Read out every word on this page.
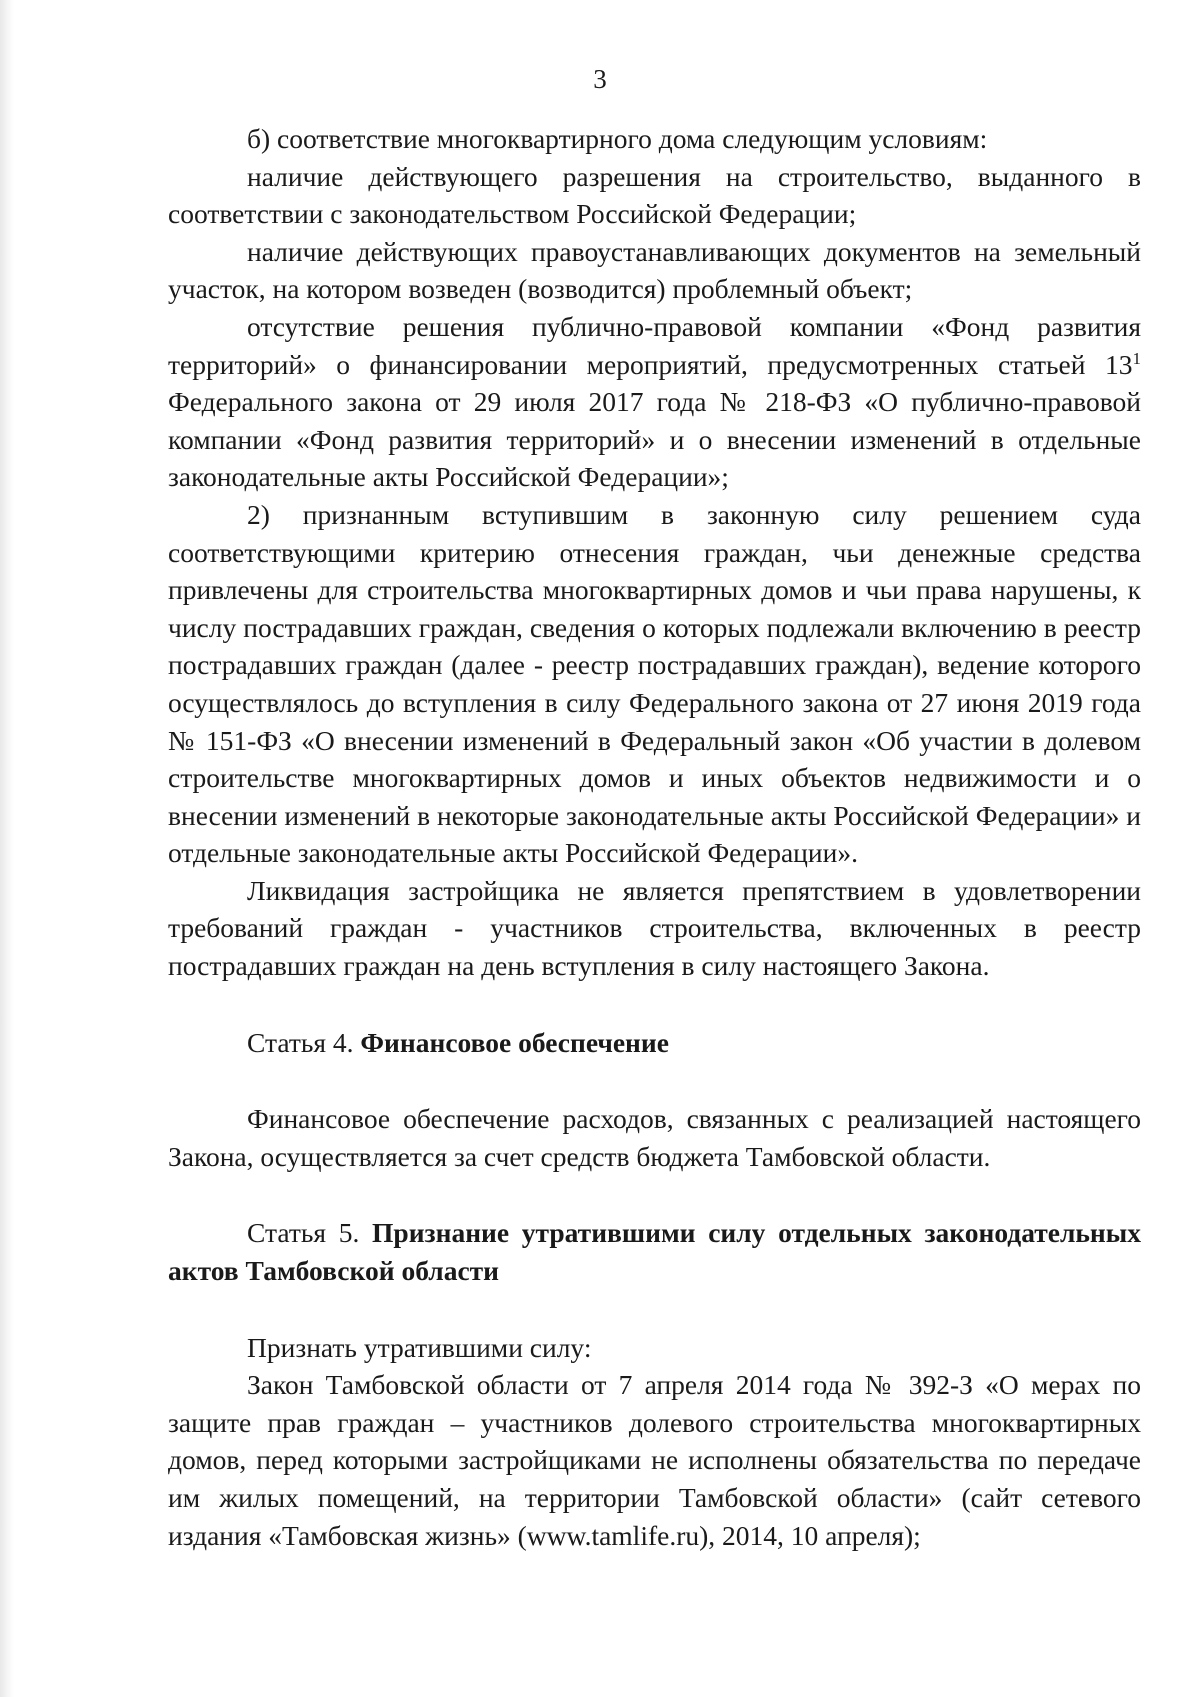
3

б) соответствие многоквартирного дома следующим условиям:

наличие действующего разрешения на строительство, выданного в соответствии с законодательством Российской Федерации;

наличие действующих правоустанавливающих документов на земельный участок, на котором возведен (возводится) проблемный объект;

отсутствие решения публично-правовой компании «Фонд развития территорий» о финансировании мероприятий, предусмотренных статьей $13^1$ Федерального закона от 29 июля 2017 года № 218-ФЗ «О публично-правовой компании «Фонд развития территорий» и о внесении изменений в отдельные законодательные акты Российской Федерации»;

2) признанным вступившим в законную силу решением суда соответствующими критерию отнесения граждан, чьи денежные средства привлечены для строительства многоквартирных домов и чьи права нарушены, к числу пострадавших граждан, сведения о которых подлежали включению в реестр пострадавших граждан (далее - реестр пострадавших граждан), ведение которого осуществлялось до вступления в силу Федерального закона от 27 июня 2019 года № 151-ФЗ «О внесении изменений в Федеральный закон «Об участии в долевом строительстве многоквартирных домов и иных объектов недвижимости и о внесении изменений в некоторые законодательные акты Российской Федерации» и отдельные законодательные акты Российской Федерации».

Ликвидация застройщика не является препятствием в удовлетворении требований граждан - участников строительства, включенных в реестр пострадавших граждан на день вступления в силу настоящего Закона.

Статья 4. Финансовое обеспечение

Финансовое обеспечение расходов, связанных с реализацией настоящего Закона, осуществляется за счет средств бюджета Тамбовской области.

Статья 5. Признание утратившими силу отдельных законодательных актов Тамбовской области

Признать утратившими силу:

Закон Тамбовской области от 7 апреля 2014 года № 392-З «О мерах по защите прав граждан – участников долевого строительства многоквартирных домов, перед которыми застройщиками не исполнены обязательства по передаче им жилых помещений, на территории Тамбовской области» (сайт сетевого издания «Тамбовская жизнь» (www.tamlife.ru), 2014, 10 апреля);
